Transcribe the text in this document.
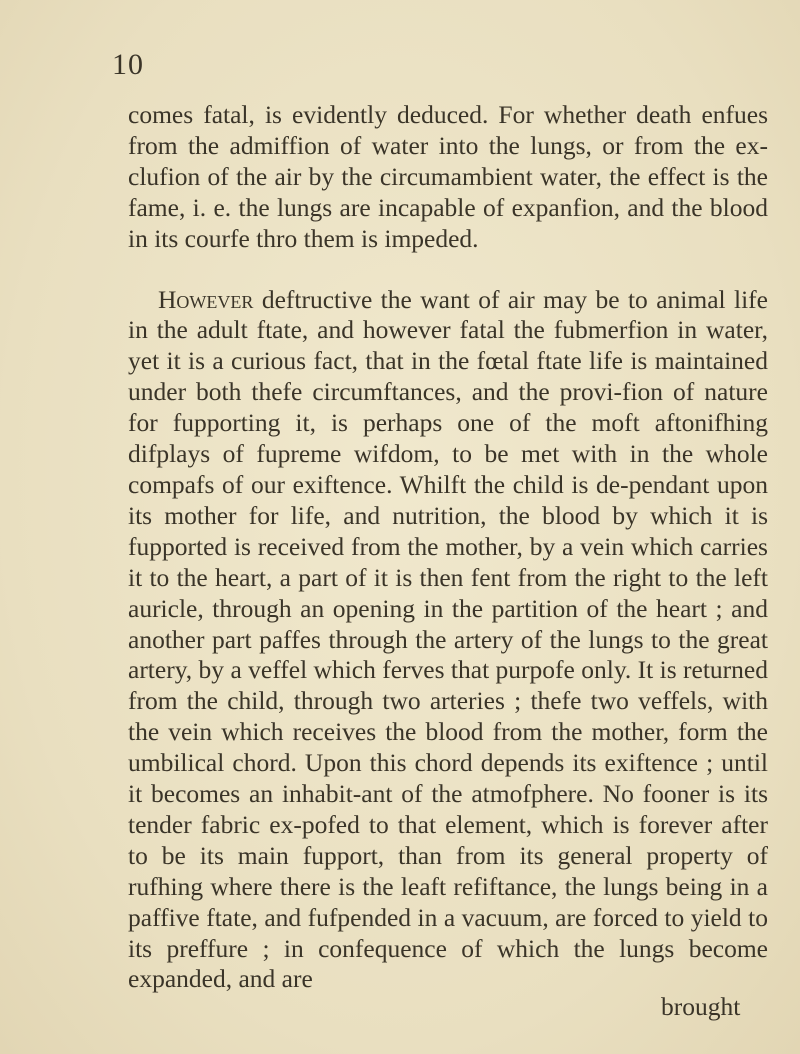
10

comes fatal, is evidently deduced. For whether death enfues from the admiffion of water into the lungs, or from the ex-clufion of the air by the circumambient water, the effect is the fame, i. e. the lungs are incapable of expanfion, and the blood in its courfe thro them is impeded.

However deftructive the want of air may be to animal life in the adult ftate, and however fatal the fubmerfion in water, yet it is a curious fact, that in the fœtal ftate life is maintained under both thefe circumftances, and the provi-fion of nature for fupporting it, is perhaps one of the moft aftonifhing difplays of fupreme wifdom, to be met with in the whole compafs of our exiftence. Whilft the child is de-pendant upon its mother for life, and nutrition, the blood by which it is fupported is received from the mother, by a vein which carries it to the heart, a part of it is then fent from the right to the left auricle, through an opening in the partition of the heart ; and another part paffes through the artery of the lungs to the great artery, by a veffel which ferves that purpofe only. It is returned from the child, through two arteries ; thefe two veffels, with the vein which receives the blood from the mother, form the umbilical chord. Upon this chord depends its exiftence ; until it becomes an inhabit-ant of the atmofphere. No fooner is its tender fabric ex-pofed to that element, which is forever after to be its main fupport, than from its general property of rufhing where there is the leaft refiftance, the lungs being in a paffive ftate, and fufpended in a vacuum, are forced to yield to its preffure ; in confequence of which the lungs become expanded, and are

brought
